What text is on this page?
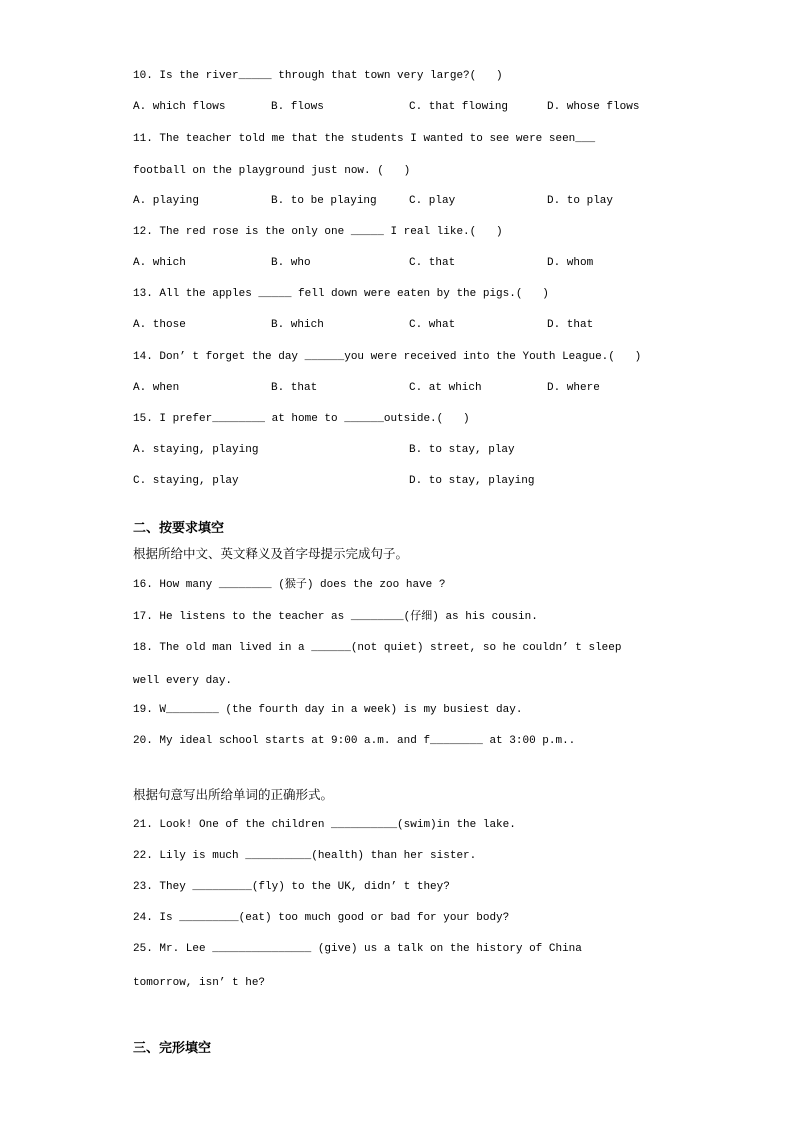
10. Is the river_____ through that town very large?(   )
A. which flows	B. flows	C. that flowing	D. whose flows
11. The teacher told me that the students I wanted to see were seen___
football on the playground just now. (   )
A. playing	B. to be playing	C. play	D. to play
12. The red rose is the only one _____ I real like.(   )
A. which	B. who	C. that	D. whom
13. All the apples _____ fell down were eaten by the pigs.(   )
A. those	B. which	C. what	D. that
14. Don’ t forget the day ______you were received into the Youth League.(   )
A. when	B. that	C. at which	D. where
15. I prefer________ at home to ______outside.(   )
A. staying, playing	B. to stay, play
C. staying, play	D. to stay, playing
二、按要求填空
根据所给中文、英文释义及首字母提示完成句子。
16. How many ________ (猴子) does the zoo have ?
17. He listens to the teacher as ________(仔细) as his cousin.
18. The old man lived in a ______(not quiet) street, so he couldn’ t sleep
well every day.
19. W________ (the fourth day in a week) is my busiest day.
20. My ideal school starts at 9:00 a.m. and f________ at 3:00 p.m..
根据句意写出所给单词的正确形式。
21. Look! One of the children __________(swim)in the lake.
22. Lily is much __________(health) than her sister.
23. They _________(fly) to the UK, didn’ t they?
24. Is _________(eat) too much good or bad for your body?
25. Mr. Lee _______________ (give) us a talk on the history of China
tomorrow, isn’ t he?
三、完形填空
